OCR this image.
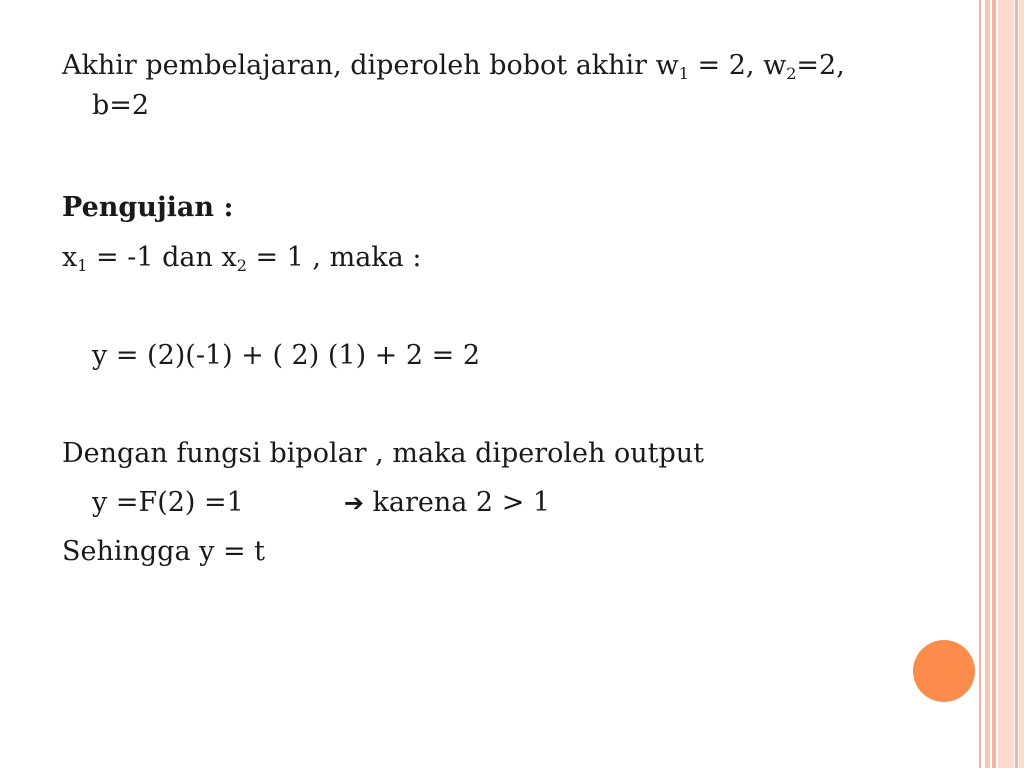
Akhir pembelajaran, diperoleh bobot akhir $w_1 = 2$, $w_2=2$,
b=2
Pengujian :
$x_1 = -1$ dan $x_2 = 1$ , maka :
y = (2)(-1) + ( 2) (1) + 2 = 2
Dengan fungsi bipolar , maka diperoleh output
y =F(2) =1	➔ karena 2 > 1
Sehingga y = t
